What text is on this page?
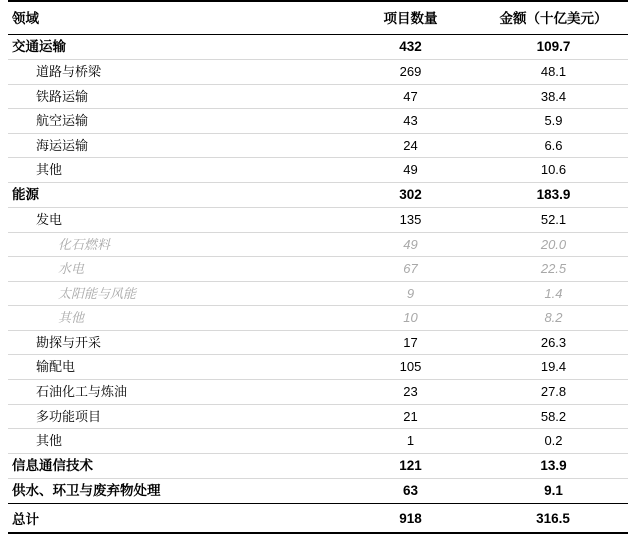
领域	项目数量	金额（十亿美元）
交通运输	432	109.7
道路与桥梁	269	48.1
铁路运输	47	38.4
航空运输	43	5.9
海运运输	24	6.6
其他	49	10.6
能源	302	183.9
发电	135	52.1
化石燃料	49	20.0
水电	67	22.5
太阳能与风能	9	1.4
其他	10	8.2
勘探与开采	17	26.3
输配电	105	19.4
石油化工与炼油	23	27.8
多功能项目	21	58.2
其他	1	0.2
信息通信技术	121	13.9
供水、环卫与废弃物处理	63	9.1
总计	918	316.5
